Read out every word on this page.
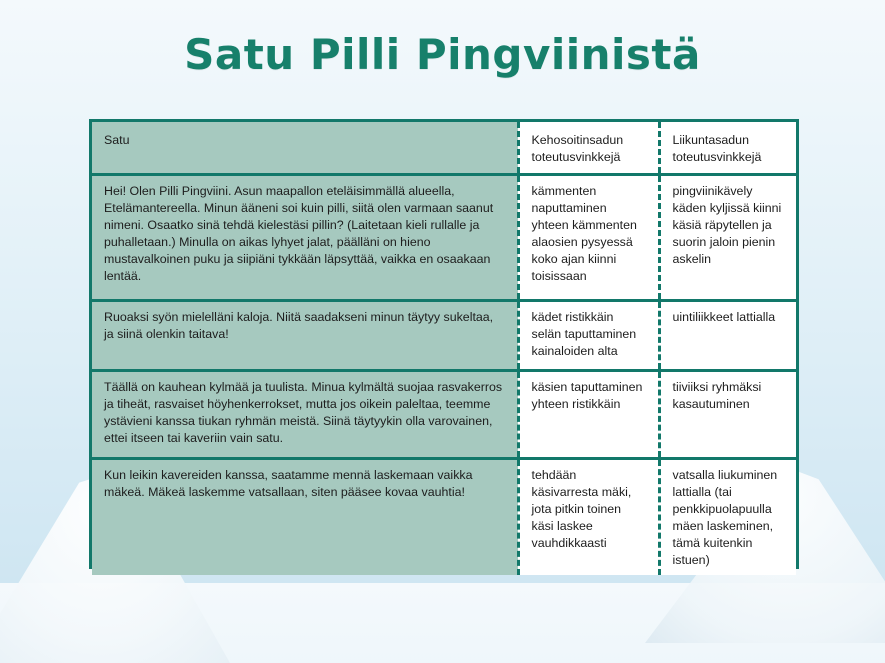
Satu Pilli Pingviinistä
Satu	Kehosoitinsadun toteutusvinkkejä	Liikuntasadun toteutusvinkkejä
Hei! Olen Pilli Pingviini. Asun maapallon eteläisimmällä alueella, Etelämantereella. Minun ääneni soi kuin pilli, siitä olen varmaan saanut nimeni. Osaatko sinä tehdä kielestäsi pillin? (Laitetaan kieli rullalle ja puhalletaan.) Minulla on aikas lyhyet jalat, päälläni on hieno mustavalkoinen puku ja siipiäni tykkään läpsyttää, vaikka en osaakaan lentää.	kämmenten naputtaminen yhteen kämmenten alaosien pysyessä koko ajan kiinni toisissaan	pingviinikävely käden kyljissä kiinni käsiä räpytellen ja suorin jaloin pienin askelin
Ruoaksi syön mielelläni kaloja. Niitä saadakseni minun täytyy sukeltaa, ja siinä olenkin taitava!	kädet ristikkäin selän taputtaminen kainaloiden alta	uintiliikkeet lattialla
Täällä on kauhean kylmää ja tuulista. Minua kylmältä suojaa rasvakerros ja tiheät, rasvaiset höyhenkerrokset, mutta jos oikein paleltaa, teemme ystävieni kanssa tiukan ryhmän meistä. Siinä täytyykin olla varovainen, ettei itseen tai kaveriin vain satu.	käsien taputtaminen yhteen ristikkäin	tiiviiksi ryhmäksi kasautuminen
Kun leikin kavereiden kanssa, saatamme mennä laskemaan vaikka mäkeä. Mäkeä laskemme vatsallaan, siten pääsee kovaa vauhtia!	tehdään käsivarresta mäki, jota pitkin toinen käsi laskee vauhdikkaasti	vatsalla liukuminen lattialla (tai penkkipuolapuulla mäen laskeminen, tämä kuitenkin istuen)
